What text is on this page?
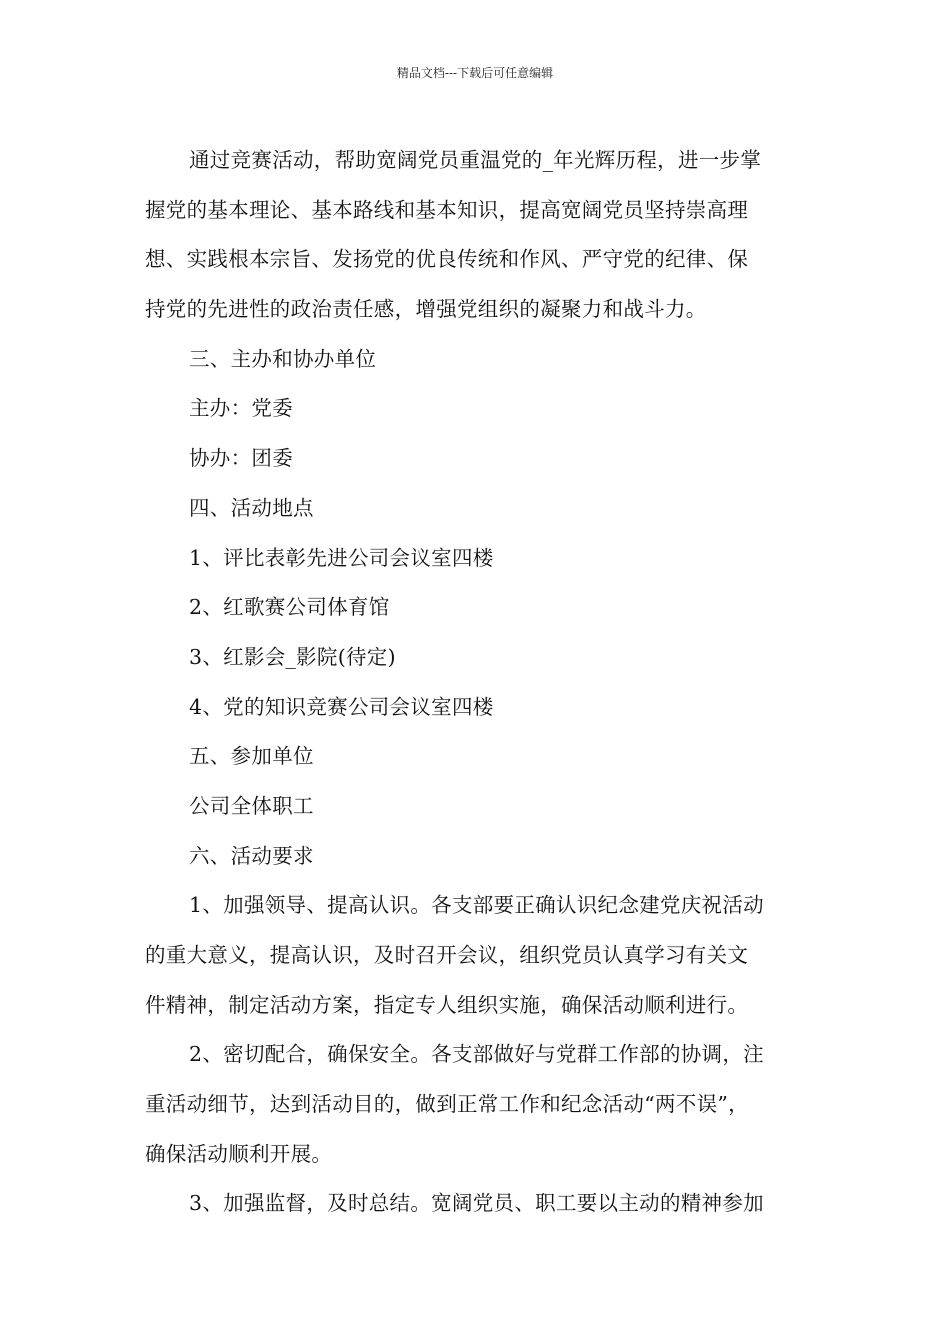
精品文档---下载后可任意编辑
通过竞赛活动，帮助宽阔党员重温党的_年光辉历程，进一步掌
握党的基本理论、基本路线和基本知识，提高宽阔党员坚持崇高理
想、实践根本宗旨、发扬党的优良传统和作风、严守党的纪律、保
持党的先进性的政治责任感，增强党组织的凝聚力和战斗力。
三、主办和协办单位
主办：党委
协办：团委
四、活动地点
1、评比表彰先进公司会议室四楼
2、红歌赛公司体育馆
3、红影会_影院(待定)
4、党的知识竞赛公司会议室四楼
五、参加单位
公司全体职工
六、活动要求
1、加强领导、提高认识。各支部要正确认识纪念建党庆祝活动
的重大意义，提高认识，及时召开会议，组织党员认真学习有关文
件精神，制定活动方案，指定专人组织实施，确保活动顺利进行。
2、密切配合，确保安全。各支部做好与党群工作部的协调，注
重活动细节，达到活动目的，做到正常工作和纪念活动“两不误”，
确保活动顺利开展。
3、加强监督，及时总结。宽阔党员、职工要以主动的精神参加
